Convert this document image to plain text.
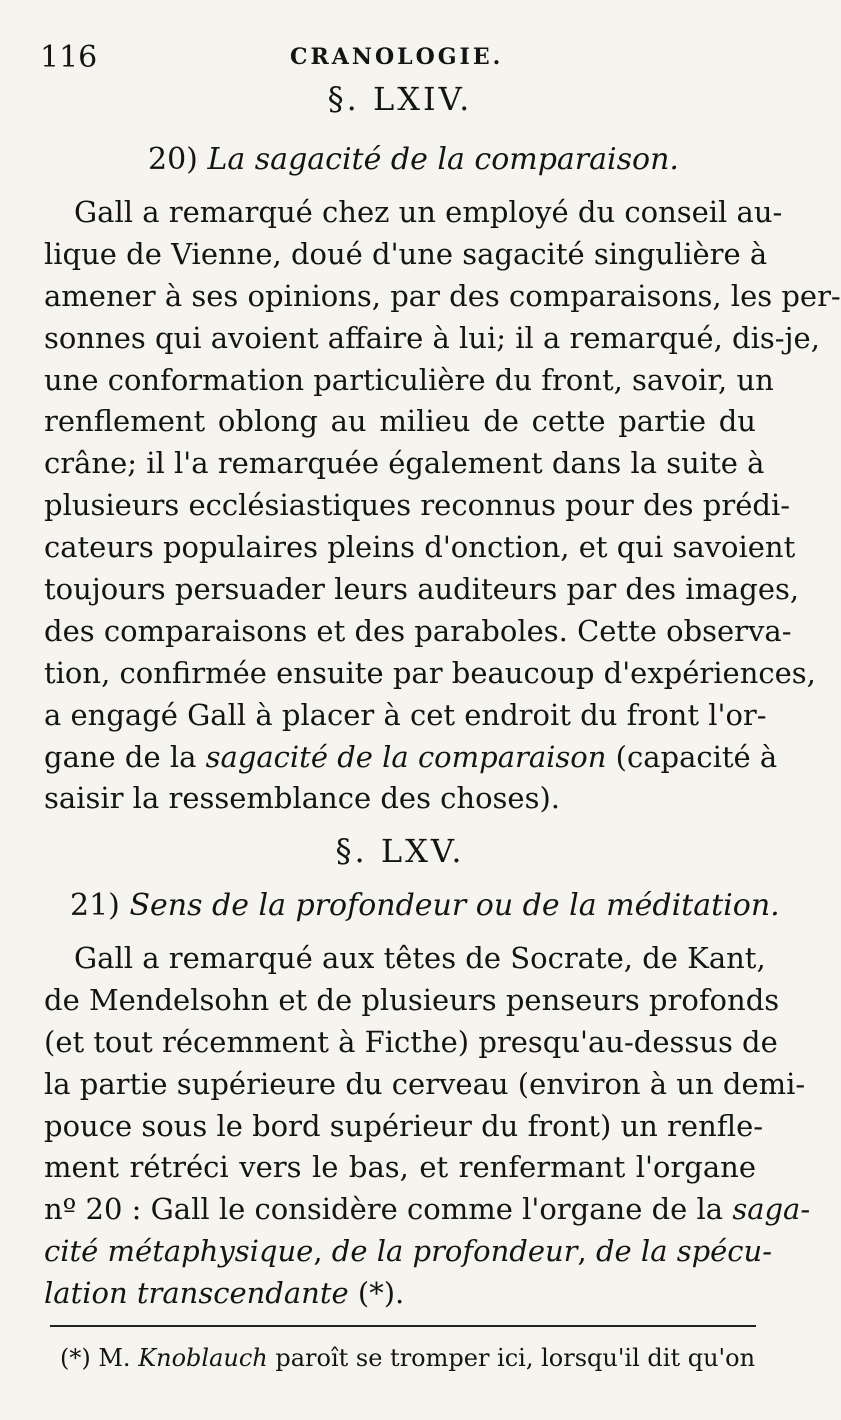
116	CRANOLOGIE.
§. LXIV.
20) La sagacité de la comparaison.
Gall a remarqué chez un employé du conseil au-
lique de Vienne, doué d'une sagacité singulière à
amener à ses opinions, par des comparaisons, les per-
sonnes qui avoient affaire à lui; il a remarqué, dis-je,
une conformation particulière du front, savoir, un
renflement oblong au milieu de cette partie du
crâne; il l'a remarquée également dans la suite à
plusieurs ecclésiastiques reconnus pour des prédi-
cateurs populaires pleins d'onction, et qui savoient
toujours persuader leurs auditeurs par des images,
des comparaisons et des paraboles. Cette observa-
tion, confirmée ensuite par beaucoup d'expériences,
a engagé Gall à placer à cet endroit du front l'or-
gane de la sagacité de la comparaison (capacité à
saisir la ressemblance des choses).
§. LXV.
21) Sens de la profondeur ou de la méditation.
Gall a remarqué aux têtes de Socrate, de Kant,
de Mendelsohn et de plusieurs penseurs profonds
(et tout récemment à Ficthe) presqu'au-dessus de
la partie supérieure du cerveau (environ à un demi-
pouce sous le bord supérieur du front) un renfle-
ment rétréci vers le bas, et renfermant l'organe
nº 20 : Gall le considère comme l'organe de la saga-
cité métaphysique, de la profondeur, de la spécu-
lation transcendante (*).
(*) M. Knoblauch paroît se tromper ici, lorsqu'il dit qu'on
